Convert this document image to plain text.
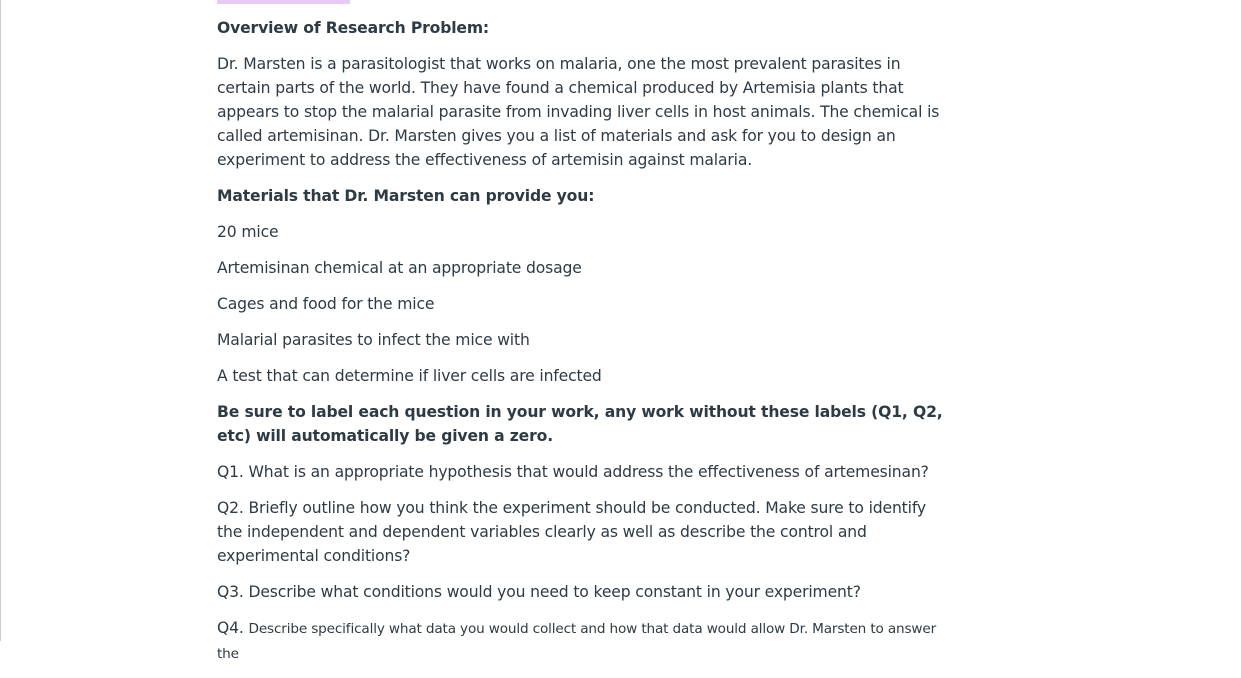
Overview of Research Problem:

Dr. Marsten is a parasitologist that works on malaria, one the most prevalent parasites in certain parts of the world. They have found a chemical produced by Artemisia plants that appears to stop the malarial parasite from invading liver cells in host animals. The chemical is called artemisinan. Dr. Marsten gives you a list of materials and ask for you to design an experiment to address the effectiveness of artemisin against malaria.

Materials that Dr. Marsten can provide you:

20 mice

Artemisinan chemical at an appropriate dosage

Cages and food for the mice

Malarial parasites to infect the mice with

A test that can determine if liver cells are infected

Be sure to label each question in your work, any work without these labels (Q1, Q2, etc) will automatically be given a zero.

Q1. What is an appropriate hypothesis that would address the effectiveness of artemesinan?

Q2. Briefly outline how you think the experiment should be conducted. Make sure to identify the independent and dependent variables clearly as well as describe the control and experimental conditions?

Q3. Describe what conditions would you need to keep constant in your experiment?

Q4. Describe specifically what data you would collect and how that data would allow Dr. Marsten to answer the
